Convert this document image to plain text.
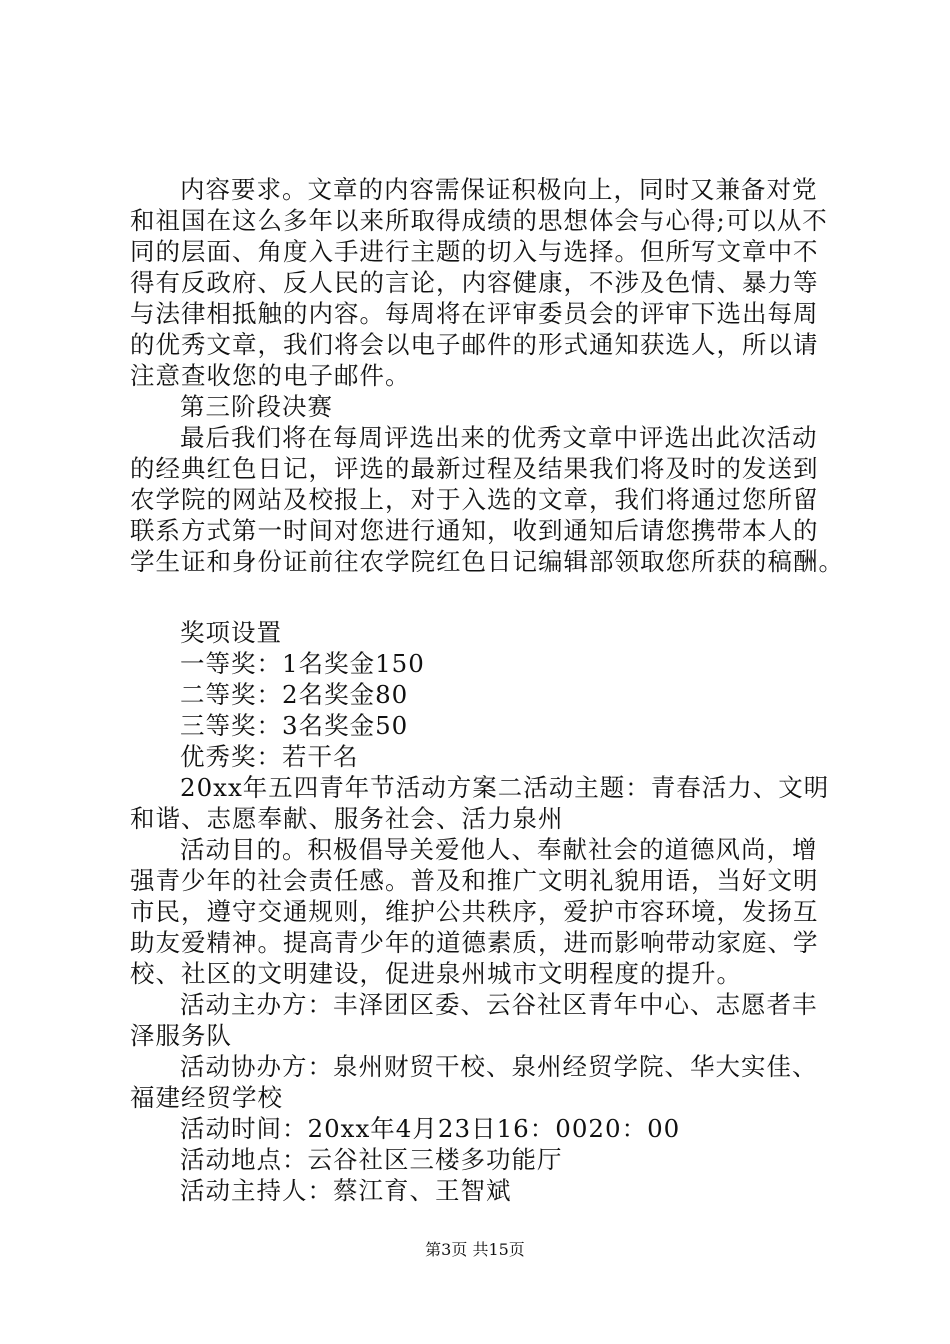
内容要求。文章的内容需保证积极向上，同时又兼备对党
和祖国在这么多年以来所取得成绩的思想体会与心得;可以从不
同的层面、角度入手进行主题的切入与选择。但所写文章中不
得有反政府、反人民的言论，内容健康，不涉及色情、暴力等
与法律相抵触的内容。每周将在评审委员会的评审下选出每周
的优秀文章，我们将会以电子邮件的形式通知获选人，所以请
注意查收您的电子邮件。
第三阶段决赛
最后我们将在每周评选出来的优秀文章中评选出此次活动
的经典红色日记，评选的最新过程及结果我们将及时的发送到
农学院的网站及校报上，对于入选的文章，我们将通过您所留
联系方式第一时间对您进行通知，收到通知后请您携带本人的
学生证和身份证前往农学院红色日记编辑部领取您所获的稿酬。
奖项设置
一等奖：1名奖金150
二等奖：2名奖金80
三等奖：3名奖金50
优秀奖：若干名
20xx年五四青年节活动方案二活动主题：青春活力、文明
和谐、志愿奉献、服务社会、活力泉州
活动目的。积极倡导关爱他人、奉献社会的道德风尚，增
强青少年的社会责任感。普及和推广文明礼貌用语，当好文明
市民，遵守交通规则，维护公共秩序，爱护市容环境，发扬互
助友爱精神。提高青少年的道德素质，进而影响带动家庭、学
校、社区的文明建设，促进泉州城市文明程度的提升。
活动主办方：丰泽团区委、云谷社区青年中心、志愿者丰
泽服务队
活动协办方：泉州财贸干校、泉州经贸学院、华大实佳、
福建经贸学校
活动时间：20xx年4月23日16：0020：00
活动地点：云谷社区三楼多功能厅
活动主持人：蔡江育、王智斌
第3页 共15页
